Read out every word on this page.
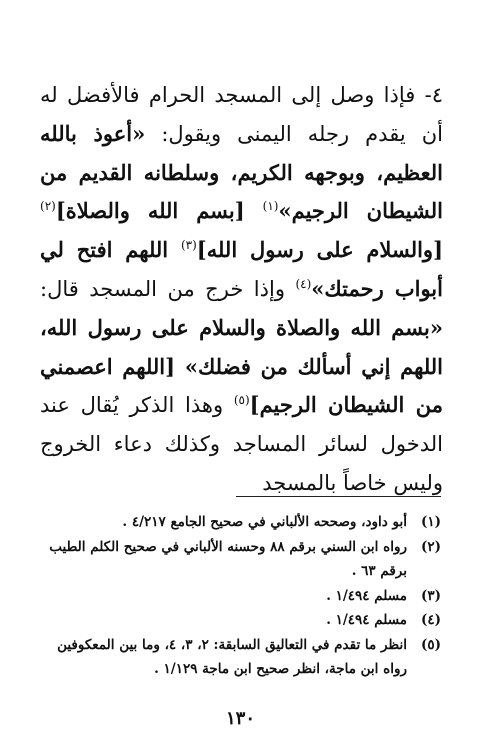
٤- فإذا وصل إلى المسجد الحرام فالأفضل له أن يقدم رجله اليمنى ويقول: «أعوذ بالله العظيم، وبوجهه الكريم، وسلطانه القديم من الشيطان الرجيم»$^{(١)}$ [بسم الله والصلاة]$^{(٢)}$ [والسلام على رسول الله]$^{(٣)}$ اللهم افتح لي أبواب رحمتك»$^{(٤)}$ وإذا خرج من المسجد قال: «بسم الله والصلاة والسلام على رسول الله، اللهم إني أسألك من فضلك» [اللهم اعصمني من الشيطان الرجيم]$^{(٥)}$ وهذا الذكر يُقال عند الدخول لسائر المساجد وكذلك دعاء الخروج وليس خاصاً بالمسجد

(١)
أبو داود، وصححه الألباني في صحيح الجامع ٤/٢١٧ .
(٢)
رواه ابن السني برقم ٨٨ وحسنه الألباني في صحيح الكلم الطيب برقم ٦٣ .
(٣)
مسلم ١/٤٩٤ .
(٤)
مسلم ١/٤٩٤ .
(٥)
انظر ما تقدم في التعاليق السابقة: ٢، ٣، ٤، وما بين المعكوفين رواه ابن ماجة، انظر صحيح ابن ماجة ١/١٢٩ .
١٣٠
